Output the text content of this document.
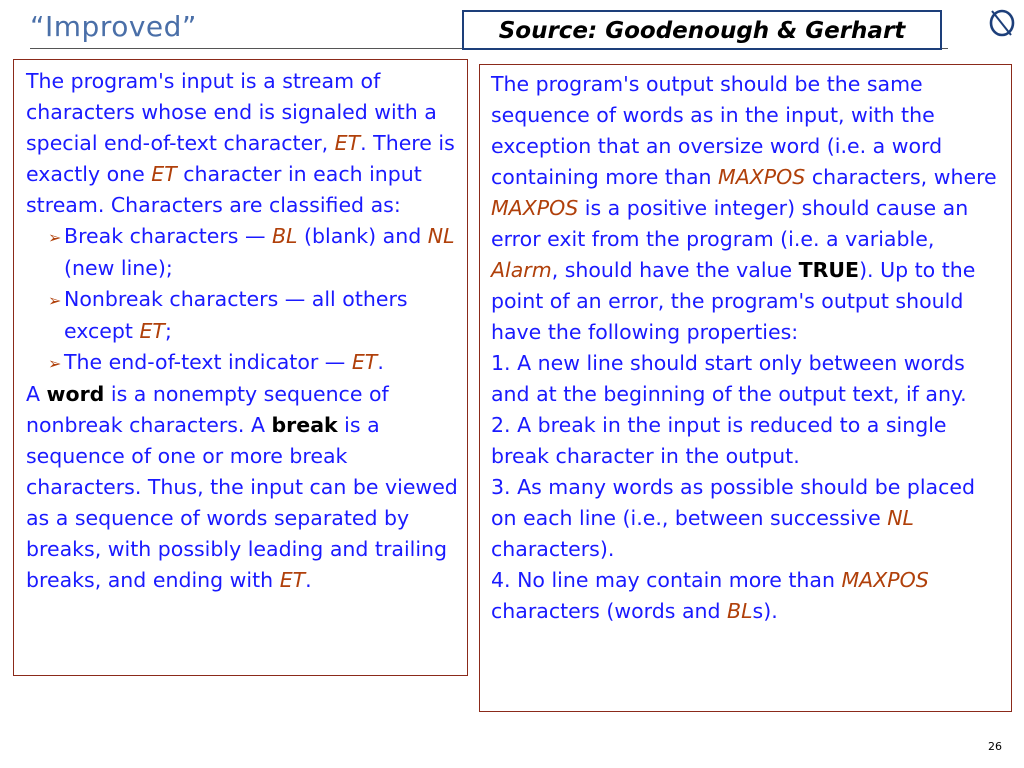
“Improved”	Source: Goodenough & Gerhart

The program's input is a stream of characters whose end is signaled with a special end-of-text character, ET. There is exactly one ET character in each input stream. Characters are classified as:

➢ Break characters — BL (blank) and NL (new line);

➢ Nonbreak characters — all others except ET;

➢ The end-of-text indicator — ET.

A word is a nonempty sequence of nonbreak characters. A break is a sequence of one or more break characters. Thus, the input can be viewed as a sequence of words separated by breaks, with possibly leading and trailing breaks, and ending with ET.

The program's output should be the same sequence of words as in the input, with the exception that an oversize word (i.e. a word containing more than MAXPOS characters, where MAXPOS is a positive integer) should cause an error exit from the program (i.e. a variable, Alarm, should have the value TRUE). Up to the point of an error, the program's output should have the following properties:

1. A new line should start only between words and at the beginning of the output text, if any.

2. A break in the input is reduced to a single break character in the output.

3. As many words as possible should be placed on each line (i.e., between successive NL characters).

4. No line may contain more than MAXPOS characters (words and BLs).

26
